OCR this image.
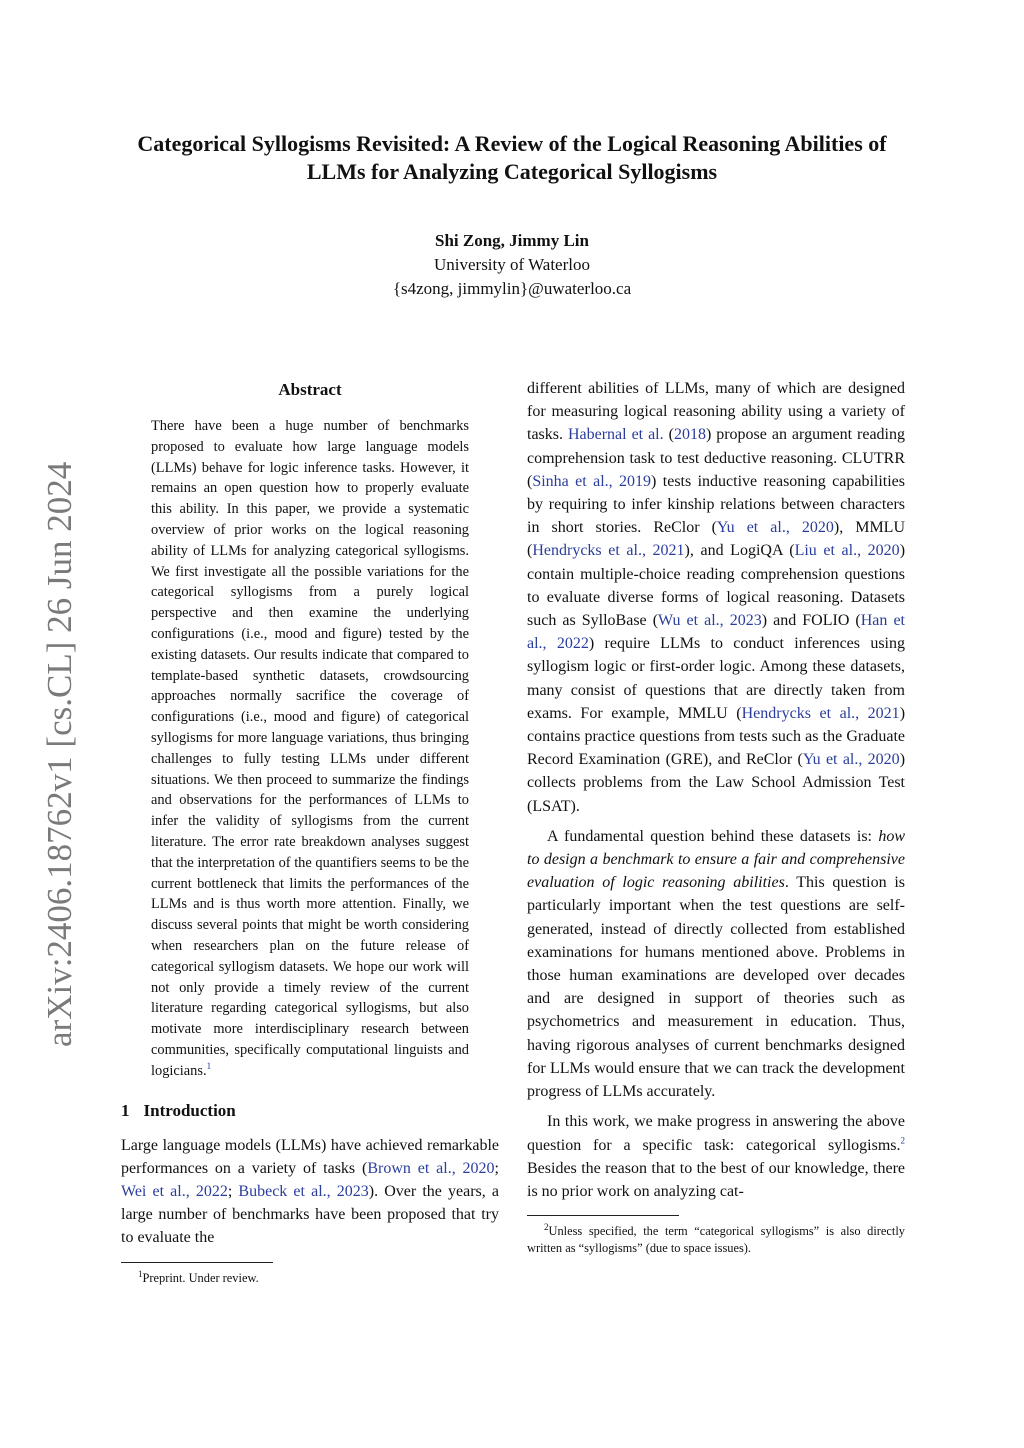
arXiv:2406.18762v1 [cs.CL] 26 Jun 2024
Categorical Syllogisms Revisited: A Review of the Logical Reasoning Abilities of LLMs for Analyzing Categorical Syllogisms
Shi Zong, Jimmy Lin
University of Waterloo
{s4zong, jimmylin}@uwaterloo.ca
Abstract

There have been a huge number of benchmarks proposed to evaluate how large language models (LLMs) behave for logic inference tasks. However, it remains an open question how to properly evaluate this ability. In this paper, we provide a systematic overview of prior works on the logical reasoning ability of LLMs for analyzing categorical syllogisms. We first investigate all the possible variations for the categorical syllogisms from a purely logical perspective and then examine the underlying configurations (i.e., mood and figure) tested by the existing datasets. Our results indicate that compared to template-based synthetic datasets, crowdsourcing approaches normally sacrifice the coverage of configurations (i.e., mood and figure) of categorical syllogisms for more language variations, thus bringing challenges to fully testing LLMs under different situations. We then proceed to summarize the findings and observations for the performances of LLMs to infer the validity of syllogisms from the current literature. The error rate breakdown analyses suggest that the interpretation of the quantifiers seems to be the current bottleneck that limits the performances of the LLMs and is thus worth more attention. Finally, we discuss several points that might be worth considering when researchers plan on the future release of categorical syllogism datasets. We hope our work will not only provide a timely review of the current literature regarding categorical syllogisms, but also motivate more interdisciplinary research between communities, specifically computational linguists and logicians.$^1$

1 Introduction

Large language models (LLMs) have achieved remarkable performances on a variety of tasks (Brown et al., 2020; Wei et al., 2022; Bubeck et al., 2023). Over the years, a large number of benchmarks have been proposed that try to evaluate the

$^1$Preprint. Under review.

different abilities of LLMs, many of which are designed for measuring logical reasoning ability using a variety of tasks. Habernal et al. (2018) propose an argument reading comprehension task to test deductive reasoning. CLUTRR (Sinha et al., 2019) tests inductive reasoning capabilities by requiring to infer kinship relations between characters in short stories. ReClor (Yu et al., 2020), MMLU (Hendrycks et al., 2021), and LogiQA (Liu et al., 2020) contain multiple-choice reading comprehension questions to evaluate diverse forms of logical reasoning. Datasets such as SylloBase (Wu et al., 2023) and FOLIO (Han et al., 2022) require LLMs to conduct inferences using syllogism logic or first-order logic. Among these datasets, many consist of questions that are directly taken from exams. For example, MMLU (Hendrycks et al., 2021) contains practice questions from tests such as the Graduate Record Examination (GRE), and ReClor (Yu et al., 2020) collects problems from the Law School Admission Test (LSAT).

A fundamental question behind these datasets is: how to design a benchmark to ensure a fair and comprehensive evaluation of logic reasoning abilities. This question is particularly important when the test questions are self-generated, instead of directly collected from established examinations for humans mentioned above. Problems in those human examinations are developed over decades and are designed in support of theories such as psychometrics and measurement in education. Thus, having rigorous analyses of current benchmarks designed for LLMs would ensure that we can track the development progress of LLMs accurately.

In this work, we make progress in answering the above question for a specific task: categorical syllogisms.$^2$ Besides the reason that to the best of our knowledge, there is no prior work on analyzing cat-

$^2$Unless specified, the term “categorical syllogisms” is also directly written as “syllogisms” (due to space issues).
